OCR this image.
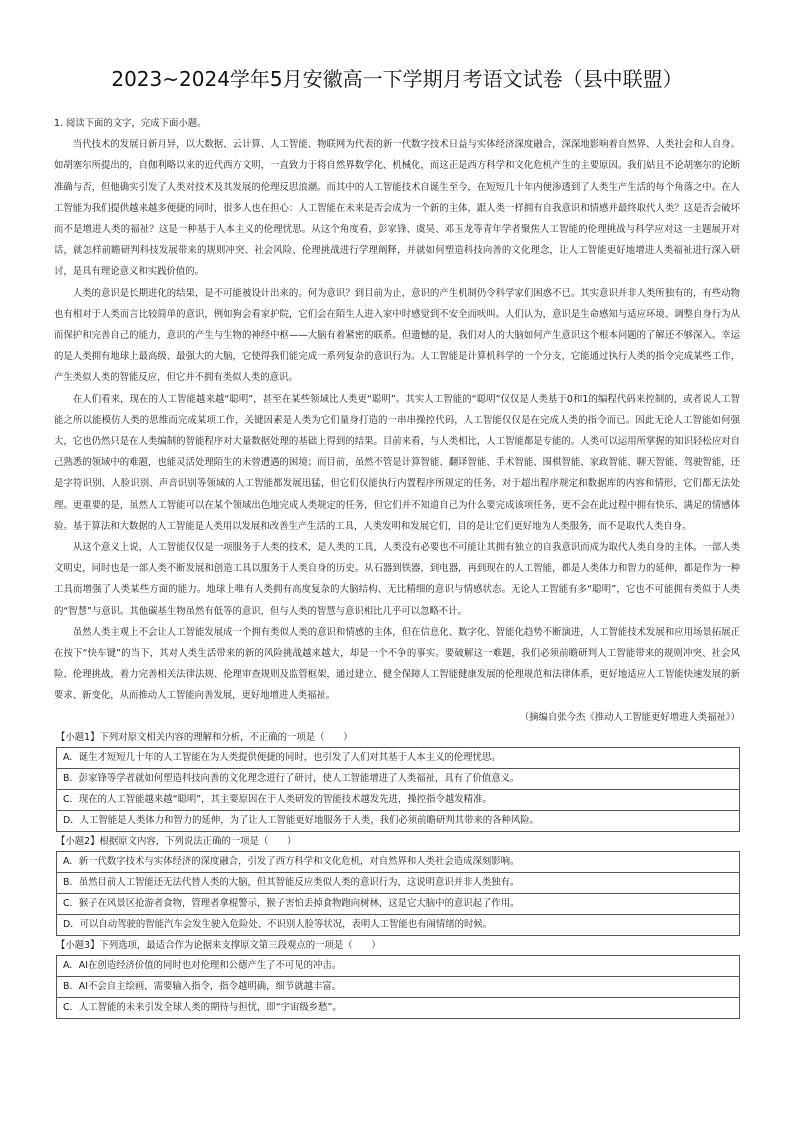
2023~2024学年5月安徽高一下学期月考语文试卷（县中联盟）

1. 阅读下面的文字，完成下面小题。

当代技术的发展日新月异，以大数据、云计算、人工智能、物联网为代表的新一代数字技术日益与实体经济深度融合，深深地影响着自然界、人类社会和人自身。如胡塞尔所提出的，自伽利略以来的近代西方文明，一直致力于将自然界数学化、机械化，而这正是西方科学和文化危机产生的主要原因。我们姑且不论胡塞尔的论断准确与否，但他确实引发了人类对技术及其发展的伦理反思浪潮。而其中的人工智能技术自诞生至今，在短短几十年内便渗透到了人类生产生活的每个角落之中。在人工智能为我们提供越来越多便捷的同时，很多人也在担心：人工智能在未来是否会成为一个新的主体，跟人类一样拥有自我意识和情感并最终取代人类？这是否会破坏而不是增进人类的福祉？这是一种基于人本主义的伦理忧思。从这个角度看，彭家锋、虞昊、邓玉龙等青年学者聚焦人工智能的伦理挑战与科学应对这一主题展开对话，就怎样前瞻研判科技发展带来的规则冲突、社会风险、伦理挑战进行学理阐释，并就如何塑造科技向善的文化理念，让人工智能更好地增进人类福祉进行深入研讨，是具有理论意义和实践价值的。

人类的意识是长期进化的结果，是不可能被设计出来的。何为意识？到目前为止，意识的产生机制仍令科学家们困惑不已。其实意识并非人类所独有的，有些动物也有相对于人类而言比较简单的意识，例如狗会看家护院，它们会在陌生人进入家中时感觉到不安全而吠叫。人们认为，意识是生命感知与适应环境、调整自身行为从而保护和完善自己的能力，意识的产生与生物的神经中枢——大脑有着紧密的联系。但遗憾的是，我们对人的大脑如何产生意识这个根本问题的了解还不够深入。幸运的是人类拥有地球上最高级、最强大的大脑，它使得我们能完成一系列复杂的意识行为。人工智能是计算机科学的一个分支，它能通过执行人类的指令完成某些工作，产生类似人类的智能反应，但它并不拥有类似人类的意识。

在人们看来，现在的人工智能越来越“聪明”，甚至在某些领域比人类更“聪明”。其实人工智能的“聪明”仅仅是人类基于0和1的编程代码来控制的，或者说人工智能之所以能模仿人类的思维而完成某项工作，关键因素是人类为它们量身打造的一串串操控代码，人工智能仅仅是在完成人类的指令而已。因此无论人工智能如何强大，它也仍然只是在人类编制的智能程序对大量数据处理的基础上得到的结果。目前来看，与人类相比，人工智能都是专能的。人类可以运用所掌握的知识轻松应对自己熟悉的领域中的难题，也能灵活处理陌生的未曾遭遇的困境；而目前，虽然不管是计算智能、翻译智能、手术智能、围棋智能、家政智能、聊天智能、驾驶智能，还是字符识别、人脸识别、声音识别等领域的人工智能都发展迅猛，但它们仅能执行内置程序所规定的任务，对于超出程序规定和数据库的内容和情形，它们都无法处理。更重要的是，虽然人工智能可以在某个领域出色地完成人类规定的任务，但它们并不知道自己为什么要完成该项任务，更不会在此过程中拥有快乐、满足的情感体验。基于算法和大数据的人工智能是人类用以发展和改善生产生活的工具，人类发明和发展它们，目的是让它们更好地为人类服务，而不是取代人类自身。

从这个意义上说，人工智能仅仅是一项服务于人类的技术，是人类的工具，人类没有必要也不可能让其拥有独立的自我意识而成为取代人类自身的主体。一部人类文明史，同时也是一部人类不断发展和创造工具以服务于人类自身的历史。从石器到铁器，到电器，再到现在的人工智能，都是人类体力和智力的延伸，都是作为一种工具而增强了人类某些方面的能力。地球上唯有人类拥有高度复杂的大脑结构、无比精细的意识与情感状态。无论人工智能有多“聪明”，它也不可能拥有类似于人类的“智慧”与意识。其他碳基生物虽然有低等的意识，但与人类的智慧与意识相比几乎可以忽略不计。

虽然人类主观上不会让人工智能发展成一个拥有类似人类的意识和情感的主体，但在信息化、数字化、智能化趋势不断演进，人工智能技术发展和应用场景拓展正在按下“快车键”的当下，其对人类生活带来的新的风险挑战越来越大，却是一个不争的事实。要破解这一难题，我们必须前瞻研判人工智能带来的规则冲突、社会风险、伦理挑战，着力完善相关法律法规、伦理审查规则及监管框架，通过建立、健全保障人工智能健康发展的伦理规范和法律体系，更好地适应人工智能快速发展的新要求、新变化，从而推动人工智能向善发展，更好地增进人类福祉。

（摘编自张今杰《推动人工智能更好增进人类福祉》）

【小题1】下列对原文相关内容的理解和分析，不正确的一项是（　　）

A．诞生才短短几十年的人工智能在为人类提供便捷的同时，也引发了人们对其基于人本主义的伦理忧思。
B．彭家锋等学者就如何塑造科技向善的文化理念进行了研讨，使人工智能增进了人类福祉，具有了价值意义。
C．现在的人工智能越来越“聪明”，其主要原因在于人类研发的智能技术越发先进，操控指令越发精准。
D．人工智能是人类体力和智力的延伸，为了让人工智能更好地服务于人类，我们必须前瞻研判其带来的各种风险。

【小题2】根据原文内容，下列说法正确的一项是（　　）

A．新一代数字技术与实体经济的深度融合，引发了西方科学和文化危机，对自然界和人类社会造成深刻影响。
B．虽然目前人工智能还无法代替人类的大脑，但其智能反应类似人类的意识行为，这说明意识并非人类独有。
C．猴子在风景区抢游者食物，管理者拿棍警示，猴子害怕丢掉食物跑向树林，这是它大脑中的意识起了作用。
D．可以自动驾驶的智能汽车会发生驶入危险处、不识别人脸等状况，表明人工智能也有闹情绪的时候。

【小题3】下列选项，最适合作为论据来支撑原文第三段观点的一项是（　　）

A．AI在创造经济价值的同时也对伦理和公德产生了不可见的冲击。
B．AI不会自主绘画，需要输入指令，指令越明确，细节就越丰富。
C．人工智能的未来引发全球人类的期待与担忧，即“宇宙级乡愁”。
